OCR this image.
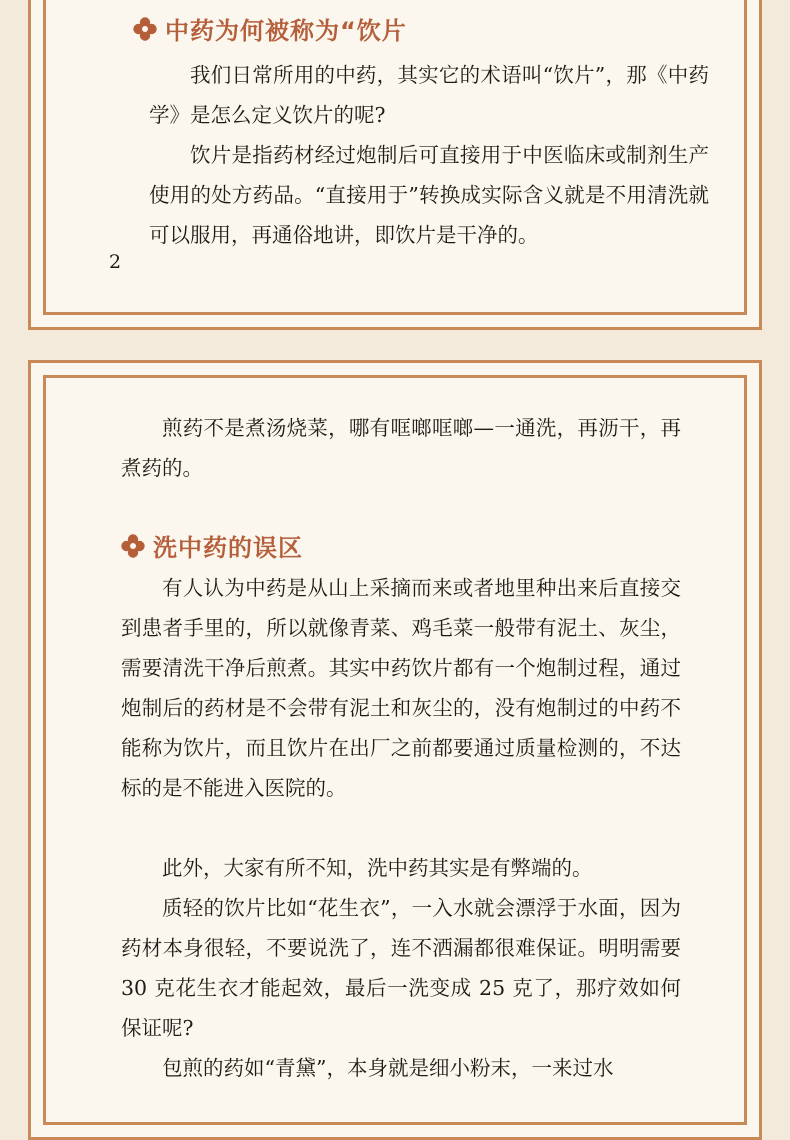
中药为何被称为“饮片

我们日常所用的中药，其实它的术语叫“饮片”，那《中药学》是怎么定义饮片的呢?

饮片是指药材经过炮制后可直接用于中医临床或制剂生产使用的处方药品。“直接用于”转换成实际含义就是不用清洗就可以服用，再通俗地讲，即饮片是干净的。

2

煎药不是煮汤烧菜，哪有哐啷哐啷—一通洗，再沥干，再煮药的。

洗中药的误区

有人认为中药是从山上采摘而来或者地里种出来后直接交到患者手里的，所以就像青菜、鸡毛菜一般带有泥土、灰尘，需要清洗干净后煎煮。其实中药饮片都有一个炮制过程，通过炮制后的药材是不会带有泥土和灰尘的，没有炮制过的中药不能称为饮片，而且饮片在出厂之前都要通过质量检测的，不达标的是不能进入医院的。

此外，大家有所不知，洗中药其实是有弊端的。

质轻的饮片比如“花生衣”，一入水就会漂浮于水面，因为药材本身很轻，不要说洗了，连不洒漏都很难保证。明明需要 30 克花生衣才能起效，最后一洗变成 25 克了，那疗效如何保证呢?

包煎的药如“青黛”，本身就是细小粉末，一来过水
